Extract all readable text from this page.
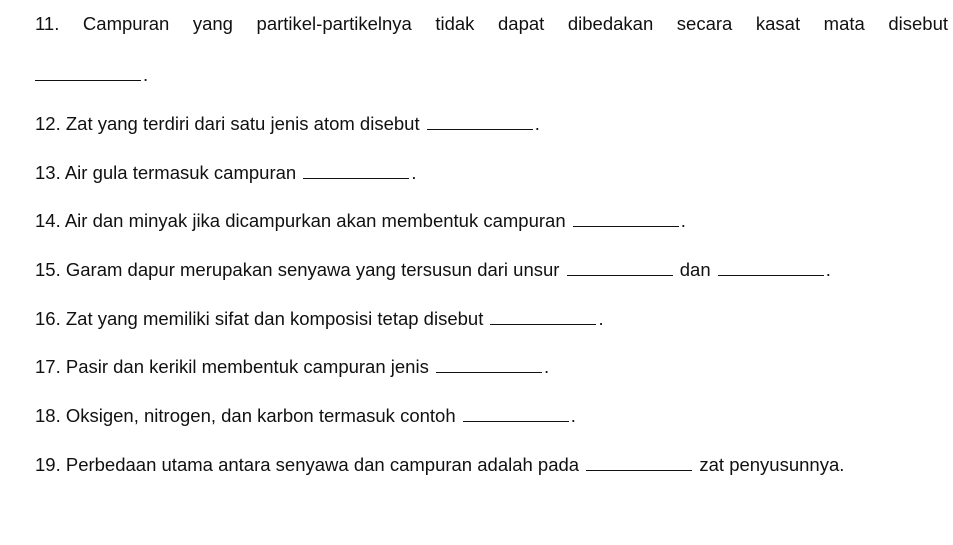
11. Campuran yang partikel-partikelnya tidak dapat dibedakan secara kasat mata disebut
.
12. Zat yang terdiri dari satu jenis atom disebut	.
13. Air gula termasuk campuran	.
14. Air dan minyak jika dicampurkan akan membentuk campuran	.
15. Garam dapur merupakan senyawa yang tersusun dari unsur	dan	.
16. Zat yang memiliki sifat dan komposisi tetap disebut	.
17. Pasir dan kerikil membentuk campuran jenis	.
18. Oksigen, nitrogen, dan karbon termasuk contoh	.
19. Perbedaan utama antara senyawa dan campuran adalah pada	zat penyusunnya.
